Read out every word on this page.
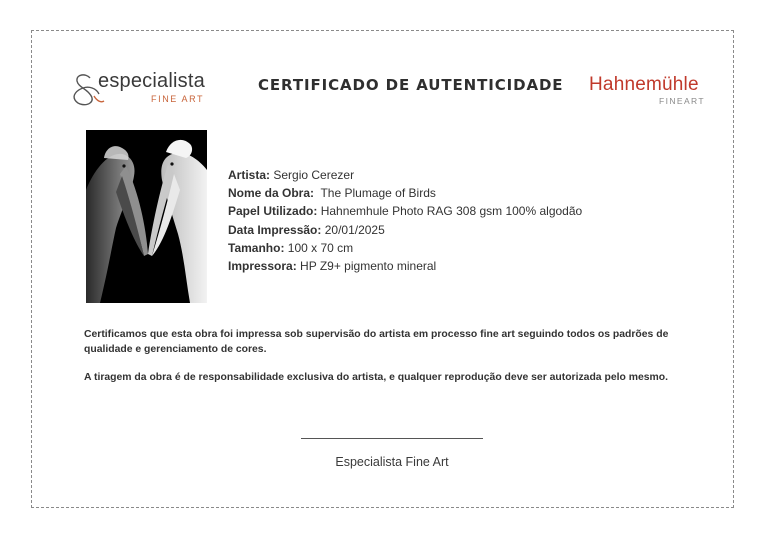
especialista
FINE ART
CERTIFICADO DE AUTENTICIDADE Hahnemühle
FINEART
Artista: Sergio Cerezer
Nome da Obra:  The Plumage of Birds
Papel Utilizado: Hahnemhule Photo RAG 308 gsm 100% algodão
Data Impressão: 20/01/2025
Tamanho: 100 x 70 cm
Impressora: HP Z9+ pigmento mineral
Certificamos que esta obra foi impressa sob supervisão do artista em processo fine art seguindo todos os padrões de qualidade e gerenciamento de cores.
A tiragem da obra é de responsabilidade exclusiva do artista, e qualquer reprodução deve ser autorizada pelo mesmo.
Especialista Fine Art
